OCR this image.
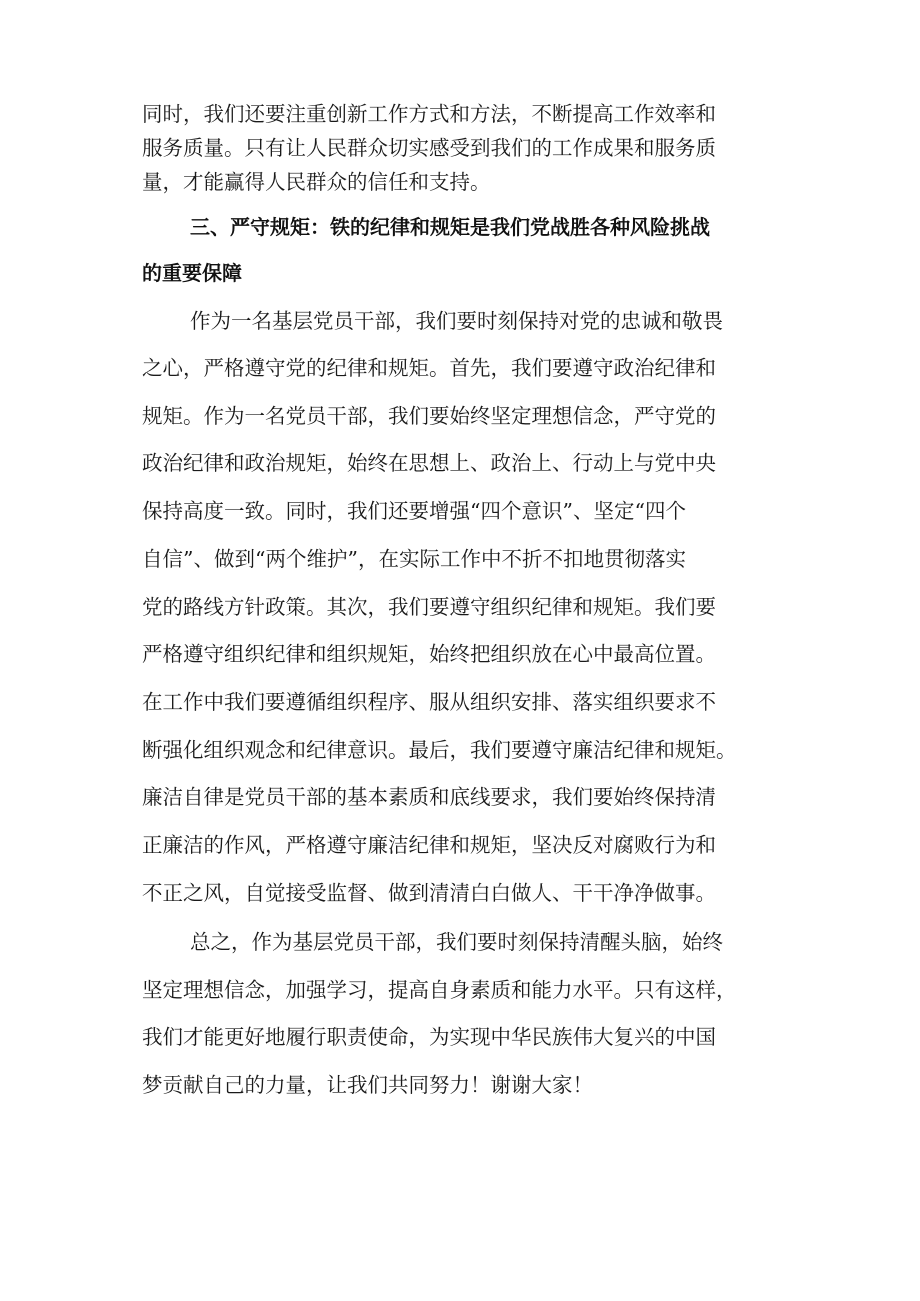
同时，我们还要注重创新工作方式和方法，不断提高工作效率和

服务质量。只有让人民群众切实感受到我们的工作成果和服务质

量，才能赢得人民群众的信任和支持。

三、严守规矩：铁的纪律和规矩是我们党战胜各种风险挑战

的重要保障

作为一名基层党员干部，我们要时刻保持对党的忠诚和敬畏

之心，严格遵守党的纪律和规矩。首先，我们要遵守政治纪律和

规矩。作为一名党员干部，我们要始终坚定理想信念，严守党的

政治纪律和政治规矩，始终在思想上、政治上、行动上与党中央

保持高度一致。同时，我们还要增强“四个意识”、坚定“四个

自信”、做到“两个维护”，在实际工作中不折不扣地贯彻落实

党的路线方针政策。其次，我们要遵守组织纪律和规矩。我们要

严格遵守组织纪律和组织规矩，始终把组织放在心中最高位置。

在工作中我们要遵循组织程序、服从组织安排、落实组织要求不

断强化组织观念和纪律意识。最后，我们要遵守廉洁纪律和规矩。

廉洁自律是党员干部的基本素质和底线要求，我们要始终保持清

正廉洁的作风，严格遵守廉洁纪律和规矩，坚决反对腐败行为和

不正之风，自觉接受监督、做到清清白白做人、干干净净做事。

总之，作为基层党员干部，我们要时刻保持清醒头脑，始终

坚定理想信念，加强学习，提高自身素质和能力水平。只有这样，

我们才能更好地履行职责使命，为实现中华民族伟大复兴的中国

梦贡献自己的力量，让我们共同努力！谢谢大家！
